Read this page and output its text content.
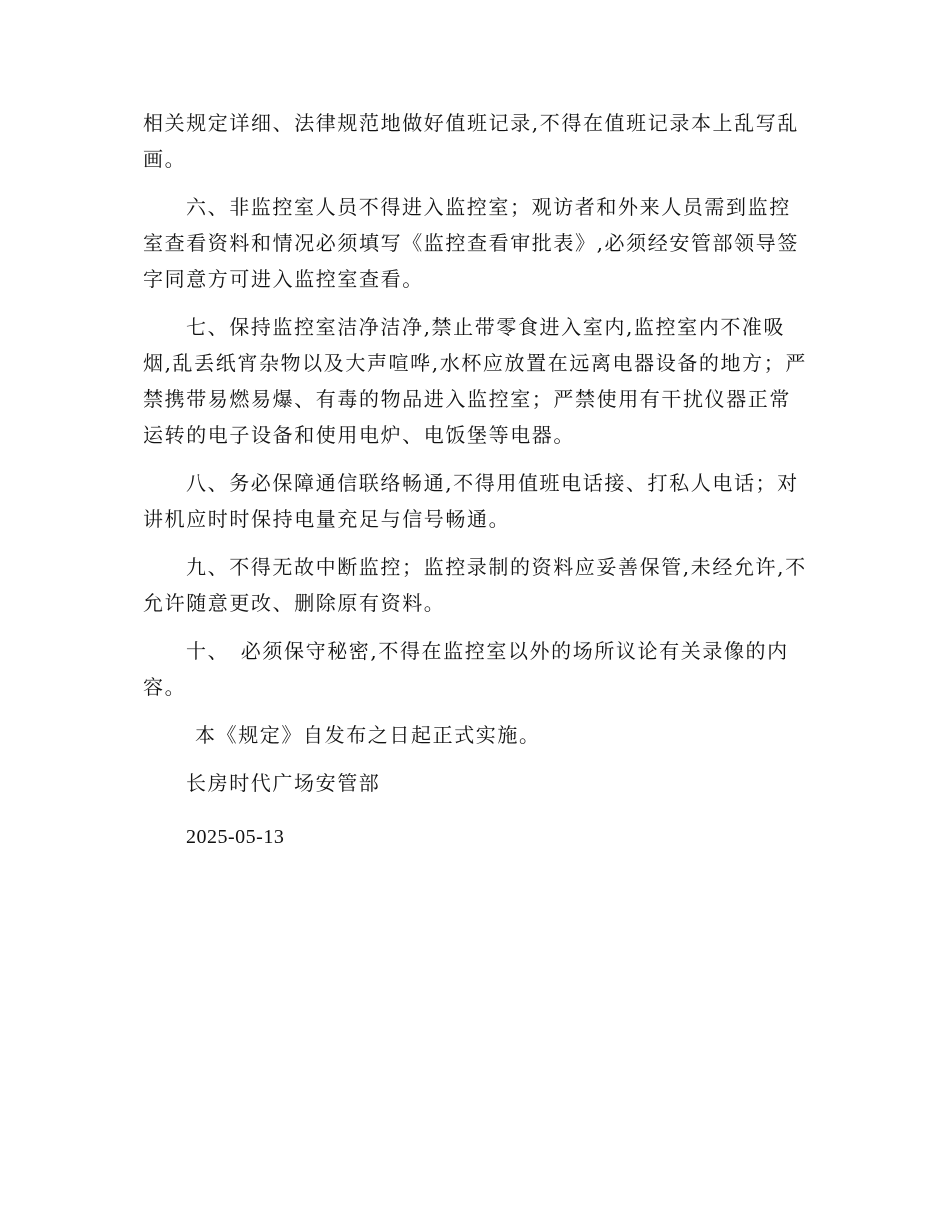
相关规定详细、法律规范地做好值班记录,不得在值班记录本上乱写乱画。

六、非监控室人员不得进入监控室；观访者和外来人员需到监控室查看资料和情况必须填写《监控查看审批表》,必须经安管部领导签字同意方可进入监控室查看。

七、保持监控室洁净洁净,禁止带零食进入室内,监控室内不准吸烟,乱丢纸宵杂物以及大声喧哗,水杯应放置在远离电器设备的地方；严禁携带易燃易爆、有毒的物品进入监控室；严禁使用有干扰仪器正常运转的电子设备和使用电炉、电饭堡等电器。

八、务必保障通信联络畅通,不得用值班电话接、打私人电话；对讲机应时时保持电量充足与信号畅通。

九、不得无故中断监控；监控录制的资料应妥善保管,未经允许,不允许随意更改、删除原有资料。

十、　必须保守秘密,不得在监控室以外的场所议论有关录像的内容。

本《规定》自发布之日起正式实施。

长房时代广场安管部

2025-05-13
